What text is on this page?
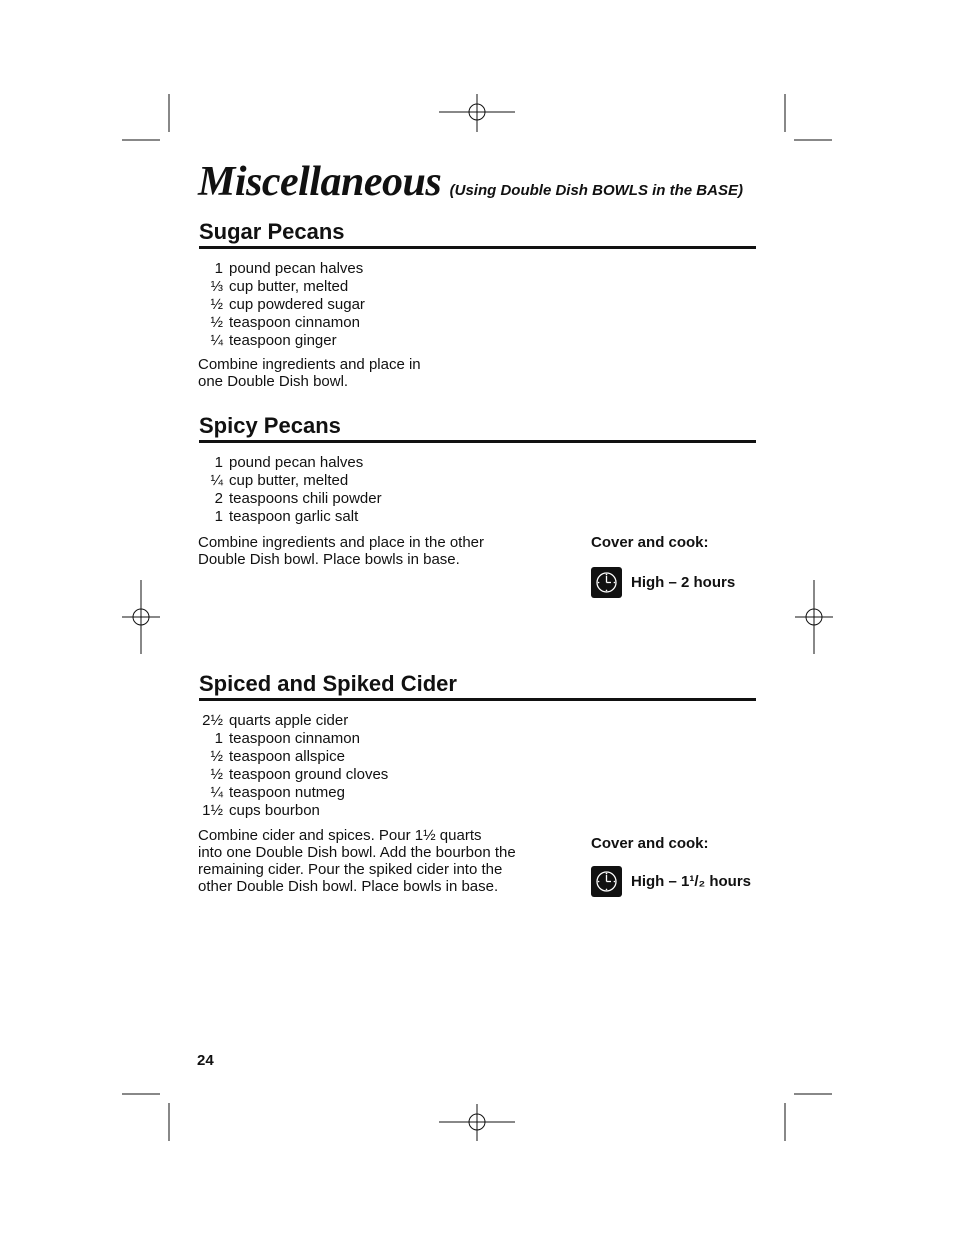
Miscellaneous (Using Double Dish BOWLS in the BASE)
Sugar Pecans
1 pound pecan halves
⅓ cup butter, melted
½ cup powdered sugar
½ teaspoon cinnamon
¼ teaspoon ginger
Combine ingredients and place in
one Double Dish bowl.
Spicy Pecans
1 pound pecan halves
¼ cup butter, melted
2 teaspoons chili powder
1 teaspoon garlic salt
Combine ingredients and place in the other
Double Dish bowl. Place bowls in base.
Cover and cook:
High – 2 hours
Spiced and Spiked Cider
2½ quarts apple cider
1 teaspoon cinnamon
½ teaspoon allspice
½ teaspoon ground cloves
¼ teaspoon nutmeg
1½ cups bourbon
Combine cider and spices. Pour 1½ quarts
into one Double Dish bowl. Add the bourbon the
remaining cider. Pour the spiked cider into the
other Double Dish bowl. Place bowls in base.
Cover and cook:
High – 1¹/₂ hours
24
